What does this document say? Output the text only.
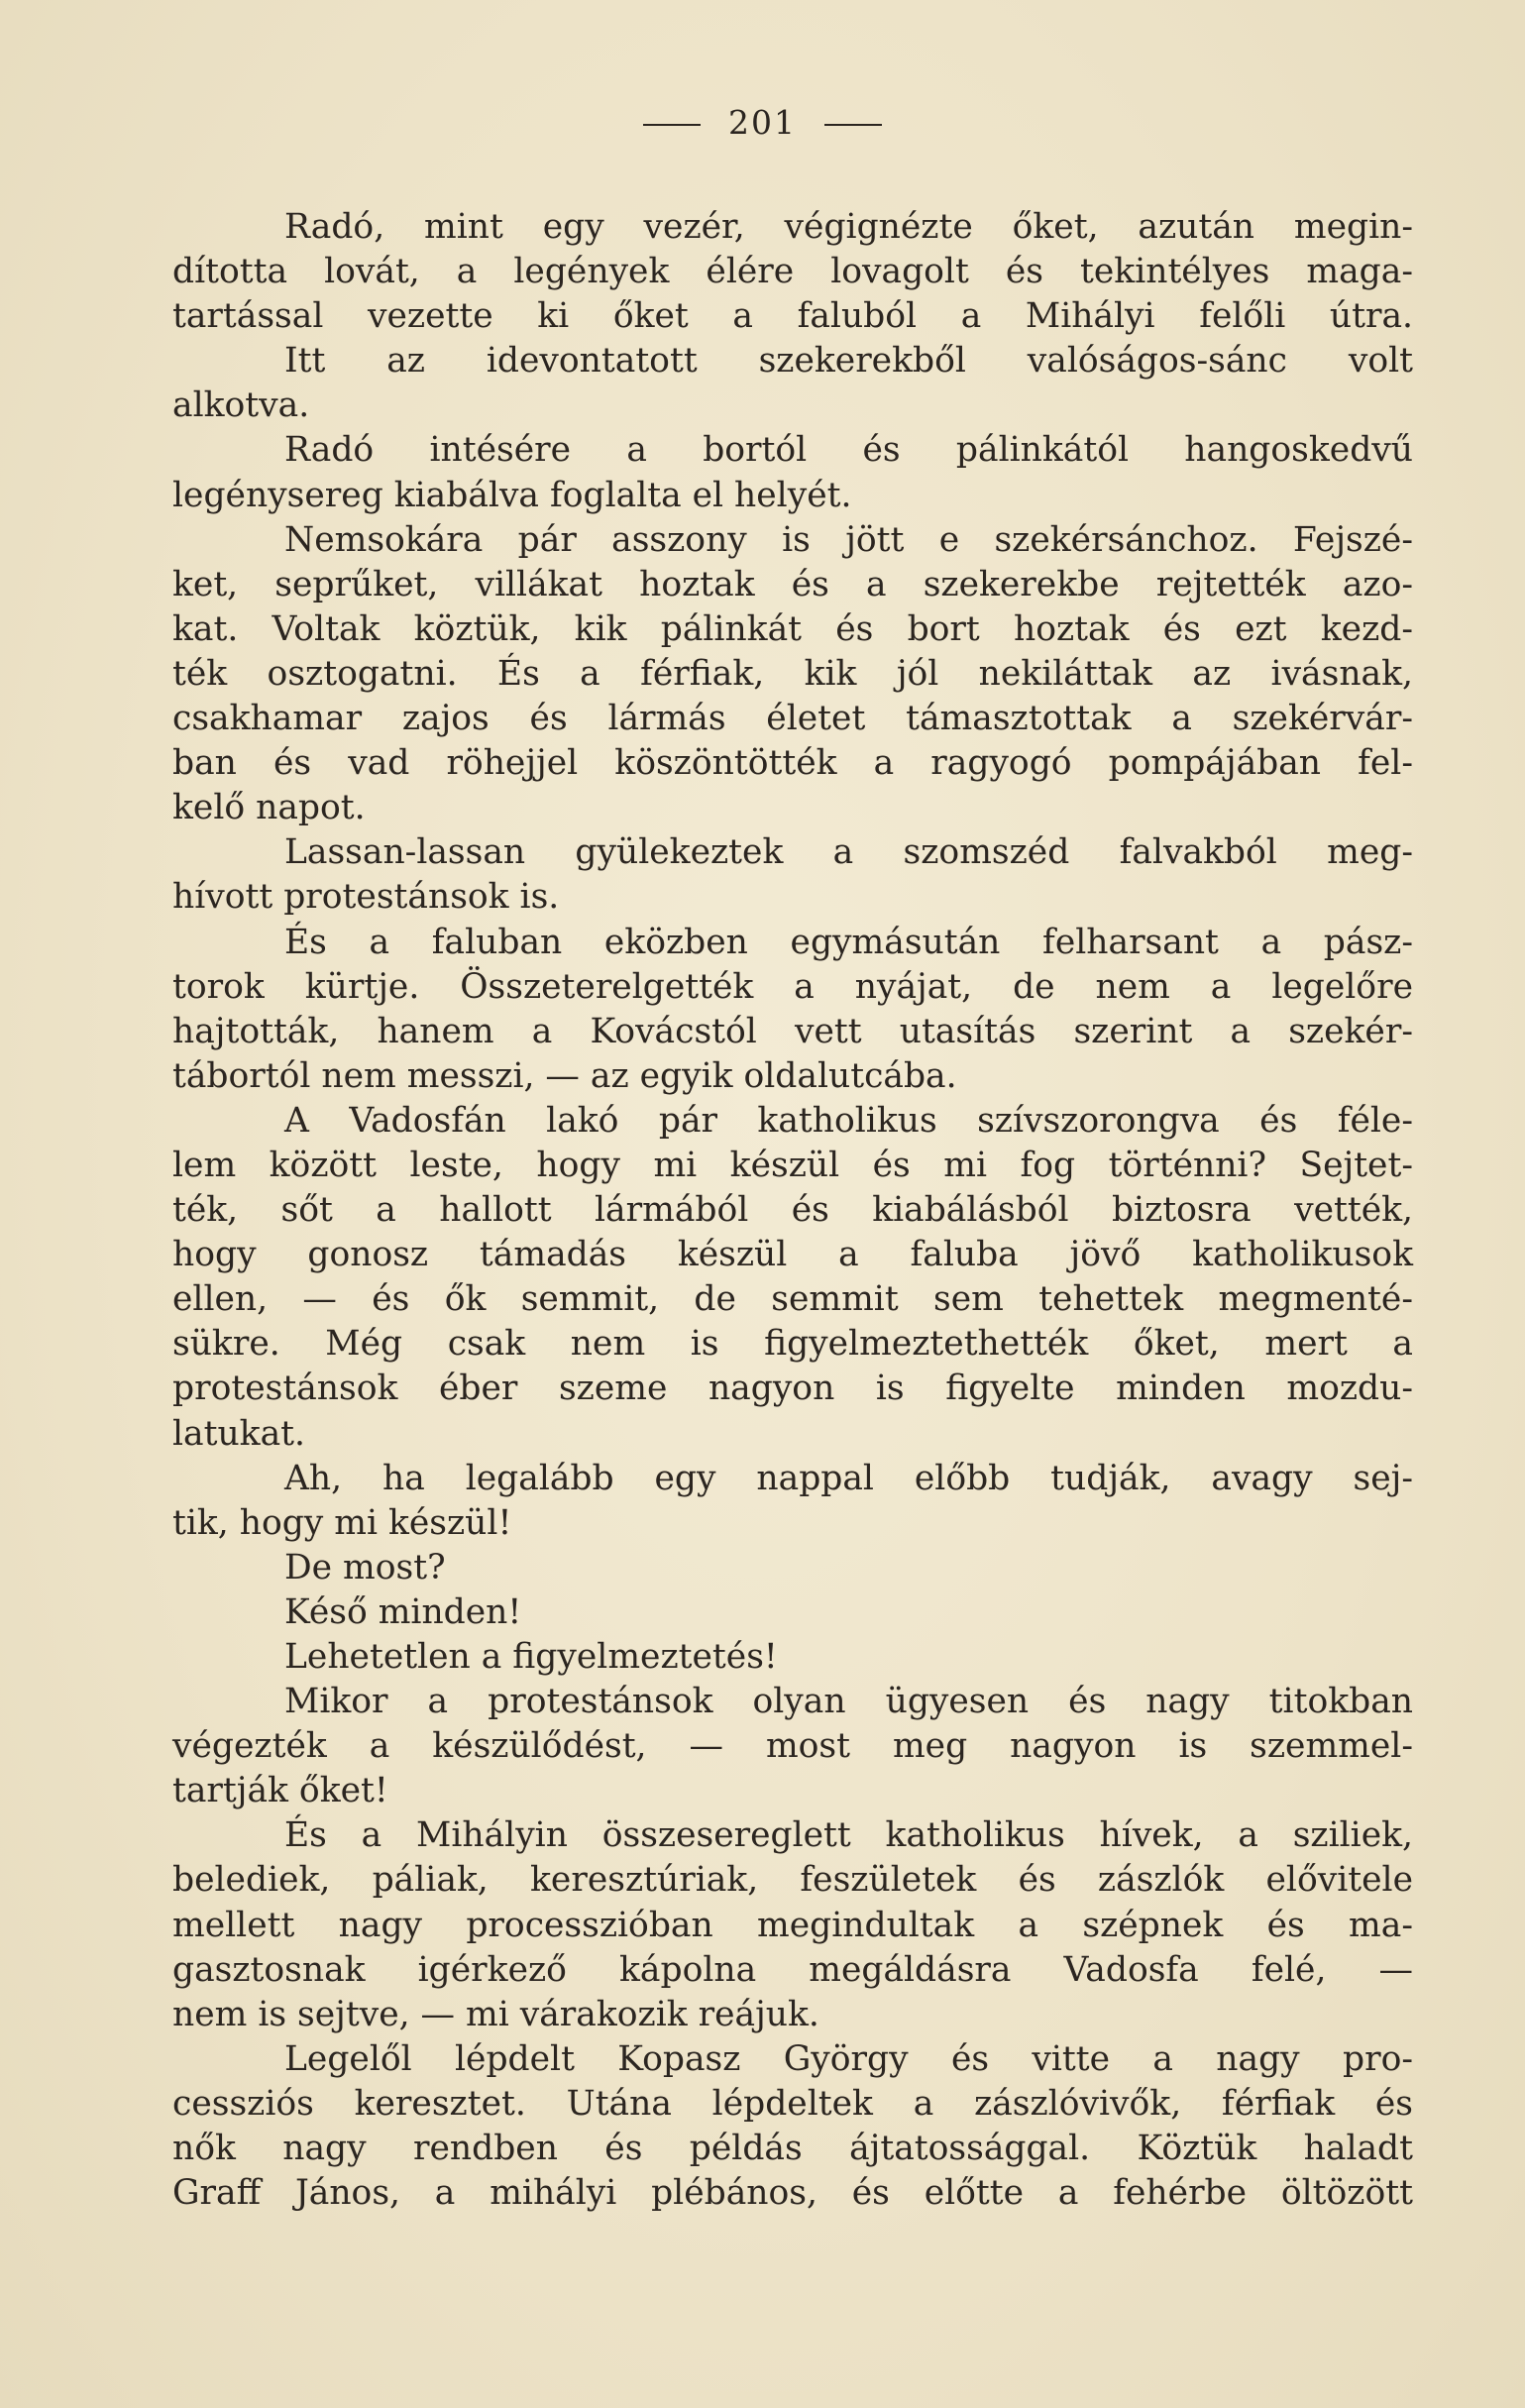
201

Radó, mint egy vezér, végignézte őket, azután megin-

dította lovát, a legények élére lovagolt és tekintélyes maga-

tartással vezette ki őket a faluból a Mihályi felőli útra.

Itt az idevontatott szekerekből valóságos-sánc volt

alkotva.

Radó intésére a bortól és pálinkától hangoskedvű

legénysereg kiabálva foglalta el helyét.

Nemsokára pár asszony is jött e szekérsánchoz. Fejszé-

ket, seprűket, villákat hoztak és a szekerekbe rejtették azo-

kat. Voltak köztük, kik pálinkát és bort hoztak és ezt kezd-

ték osztogatni. És a férfiak, kik jól nekiláttak az ivásnak,

csakhamar zajos és lármás életet támasztottak a szekérvár-

ban és vad röhejjel köszöntötték a ragyogó pompájában fel-

kelő napot.

Lassan-lassan gyülekeztek a szomszéd falvakból meg-

hívott protestánsok is.

És a faluban eközben egymásután felharsant a pász-

torok kürtje. Összeterelgették a nyájat, de nem a legelőre

hajtották, hanem a Kovácstól vett utasítás szerint a szekér-

tábortól nem messzi, — az egyik oldalutcába.

A Vadosfán lakó pár katholikus szívszorongva és féle-

lem között leste, hogy mi készül és mi fog történni? Sejtet-

ték, sőt a hallott lármából és kiabálásból biztosra vették,

hogy gonosz támadás készül a faluba jövő katholikusok

ellen, — és ők semmit, de semmit sem tehettek megmenté-

sükre. Még csak nem is figyelmeztethették őket, mert a

protestánsok éber szeme nagyon is figyelte minden mozdu-

latukat.

Ah, ha legalább egy nappal előbb tudják, avagy sej-

tik, hogy mi készül!

De most?

Késő minden!

Lehetetlen a figyelmeztetés!

Mikor a protestánsok olyan ügyesen és nagy titokban

végezték a készülődést, — most meg nagyon is szemmel-

tartják őket!

És a Mihályin összesereglett katholikus hívek, a sziliek,

belediek, páliak, keresztúriak, feszületek és zászlók elővitele

mellett nagy processzióban megindultak a szépnek és ma-

gasztosnak igérkező kápolna megáldásra Vadosfa felé, —

nem is sejtve, — mi várakozik reájuk.

Legelől lépdelt Kopasz György és vitte a nagy pro-

cessziós keresztet. Utána lépdeltek a zászlóvivők, férfiak és

nők nagy rendben és példás ájtatossággal. Köztük haladt

Graff János, a mihályi plébános, és előtte a fehérbe öltözött
